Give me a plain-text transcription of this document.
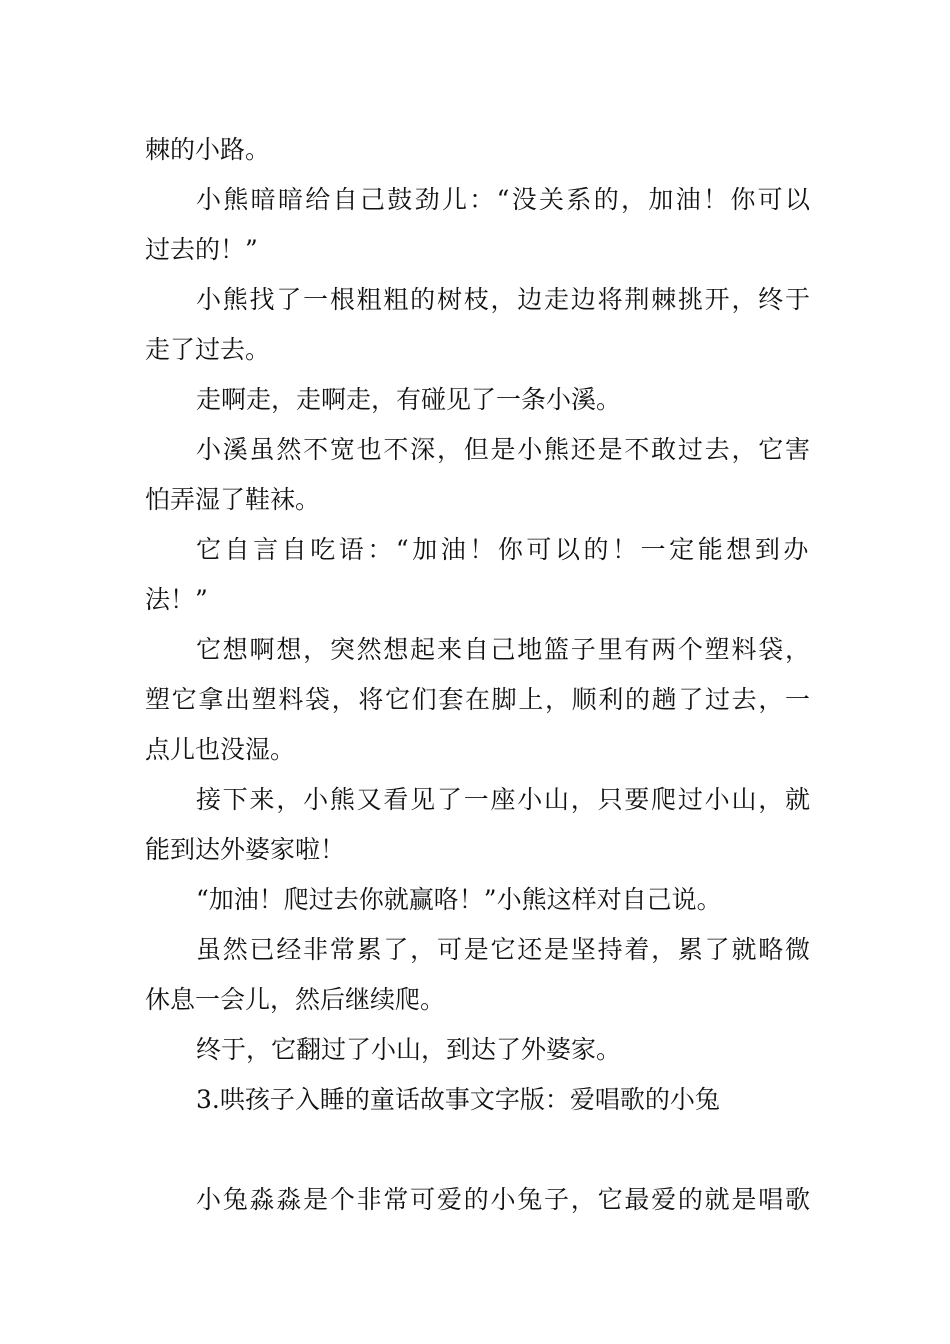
棘的小路。
小熊暗暗给自己鼓劲儿：“没关系的，加油！你可以
过去的！”
小熊找了一根粗粗的树枝，边走边将荆棘挑开，终于
走了过去。
走啊走，走啊走，有碰见了一条小溪。
小溪虽然不宽也不深，但是小熊还是不敢过去，它害
怕弄湿了鞋袜。
它自言自吃语：“加油！你可以的！一定能想到办
法！”
它想啊想，突然想起来自己地篮子里有两个塑料袋，
塑它拿出塑料袋，将它们套在脚上，顺利的趟了过去，一
点儿也没湿。
接下来，小熊又看见了一座小山，只要爬过小山，就
能到达外婆家啦！
“加油！爬过去你就赢咯！”小熊这样对自己说。
虽然已经非常累了，可是它还是坚持着，累了就略微
休息一会儿，然后继续爬。
终于，它翻过了小山，到达了外婆家。
3.哄孩子入睡的童话故事文字版：爱唱歌的小兔
小兔淼淼是个非常可爱的小兔子，它最爱的就是唱歌
